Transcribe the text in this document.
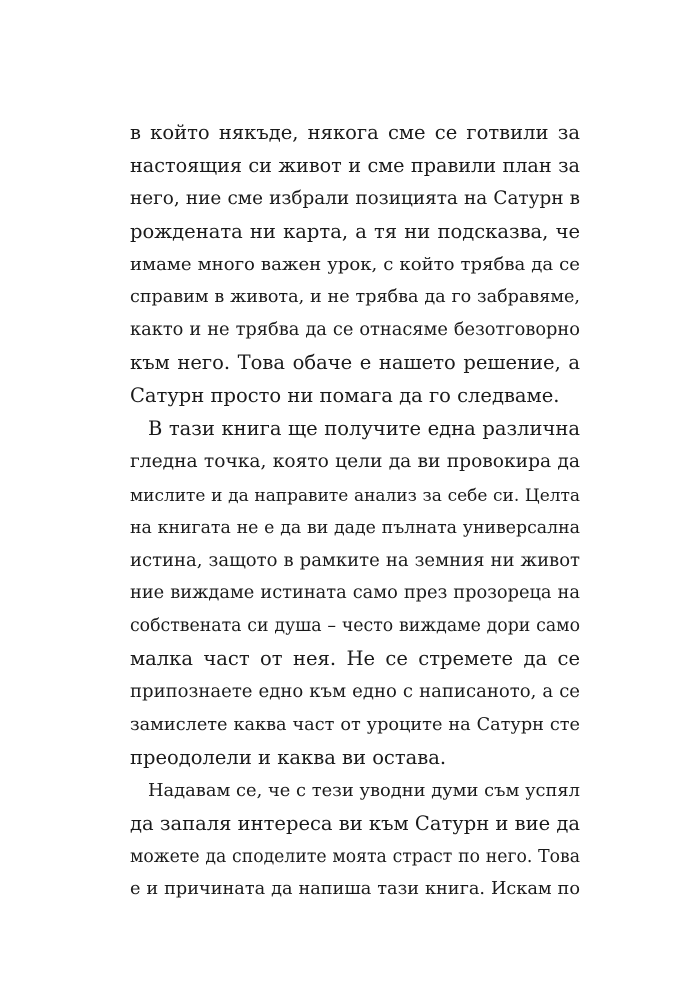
в който някъде, някога сме се готвили за
настоящия си живот и сме правили план за
него, ние сме избрали позицията на Сатурн в
рождената ни карта, а тя ни подсказва, че
имаме много важен урок, с който трябва да се
справим в живота, и не трябва да го забравяме,
както и не трябва да се отнасяме безотговорно
към него. Това обаче е нашето решение, а
Сатурн просто ни помага да го следваме.
В тази книга ще получите една различна
гледна точка, която цели да ви провокира да
мислите и да направите анализ за себе си. Целта
на книгата не е да ви даде пълната универсална
истина, защото в рамките на земния ни живот
ние виждаме истината само през прозореца на
собствената си душа – често виждаме дори само
малка част от нея. Не се стремете да се
припознаете едно към едно с написаното, а се
замислете каква част от уроците на Сатурн сте
преодолели и каква ви остава.
Надавам се, че с тези уводни думи съм успял
да запаля интереса ви към Сатурн и вие да
можете да споделите моята страст по него. Това
е и причината да напиша тази книга. Искам по
